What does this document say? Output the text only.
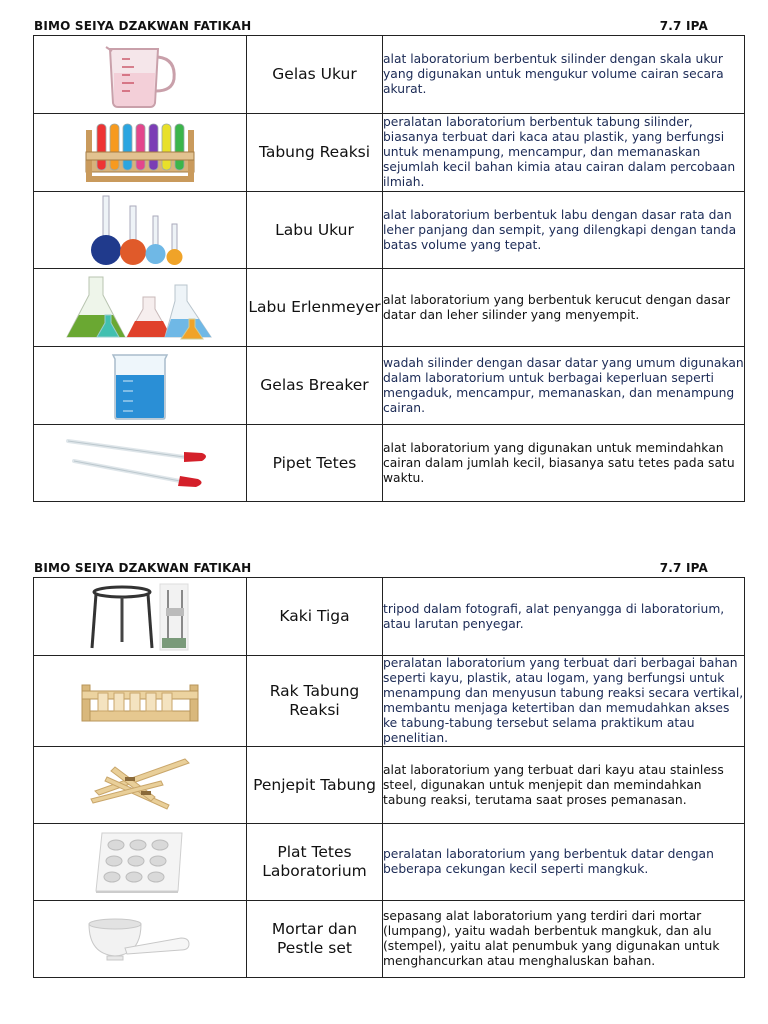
BIMO SEIYA DZAKWAN FATIKAH	7.7 IPA
	Gelas Ukur	alat laboratorium berbentuk silinder dengan skala ukur yang digunakan untuk mengukur volume cairan secara akurat.

	Tabung Reaksi	peralatan laboratorium berbentuk tabung silinder, biasanya terbuat dari kaca atau plastik, yang berfungsi untuk menampung, mencampur, dan memanaskan sejumlah kecil bahan kimia atau cairan dalam percobaan ilmiah.

	Labu Ukur	alat laboratorium berbentuk labu dengan dasar rata dan leher panjang dan sempit, yang dilengkapi dengan tanda batas volume yang tepat.

	Labu Erlenmeyer	alat laboratorium yang berbentuk kerucut dengan dasar datar dan leher silinder yang menyempit.

	Gelas Breaker	wadah silinder dengan dasar datar yang umum digunakan dalam laboratorium untuk berbagai keperluan seperti mengaduk, mencampur, memanaskan, dan menampung cairan.

	Pipet Tetes	alat laboratorium yang digunakan untuk memindahkan cairan dalam jumlah kecil, biasanya satu tetes pada satu waktu.
BIMO SEIYA DZAKWAN FATIKAH	7.7 IPA
	Kaki Tiga	tripod dalam fotografi, alat penyangga di laboratorium, atau larutan penyegar.

	Rak Tabung Reaksi	peralatan laboratorium yang terbuat dari berbagai bahan seperti kayu, plastik, atau logam, yang berfungsi untuk menampung dan menyusun tabung reaksi secara vertikal, membantu menjaga ketertiban dan memudahkan akses ke tabung-tabung tersebut selama praktikum atau penelitian.

	Penjepit Tabung	alat laboratorium yang terbuat dari kayu atau stainless steel, digunakan untuk menjepit dan memindahkan tabung reaksi, terutama saat proses pemanasan.

	Plat Tetes Laboratorium	peralatan laboratorium yang berbentuk datar dengan beberapa cekungan kecil seperti mangkuk.

	Mortar dan Pestle set	sepasang alat laboratorium yang terdiri dari mortar (lumpang), yaitu wadah berbentuk mangkuk, dan alu (stempel), yaitu alat penumbuk yang digunakan untuk menghancurkan atau menghaluskan bahan.
